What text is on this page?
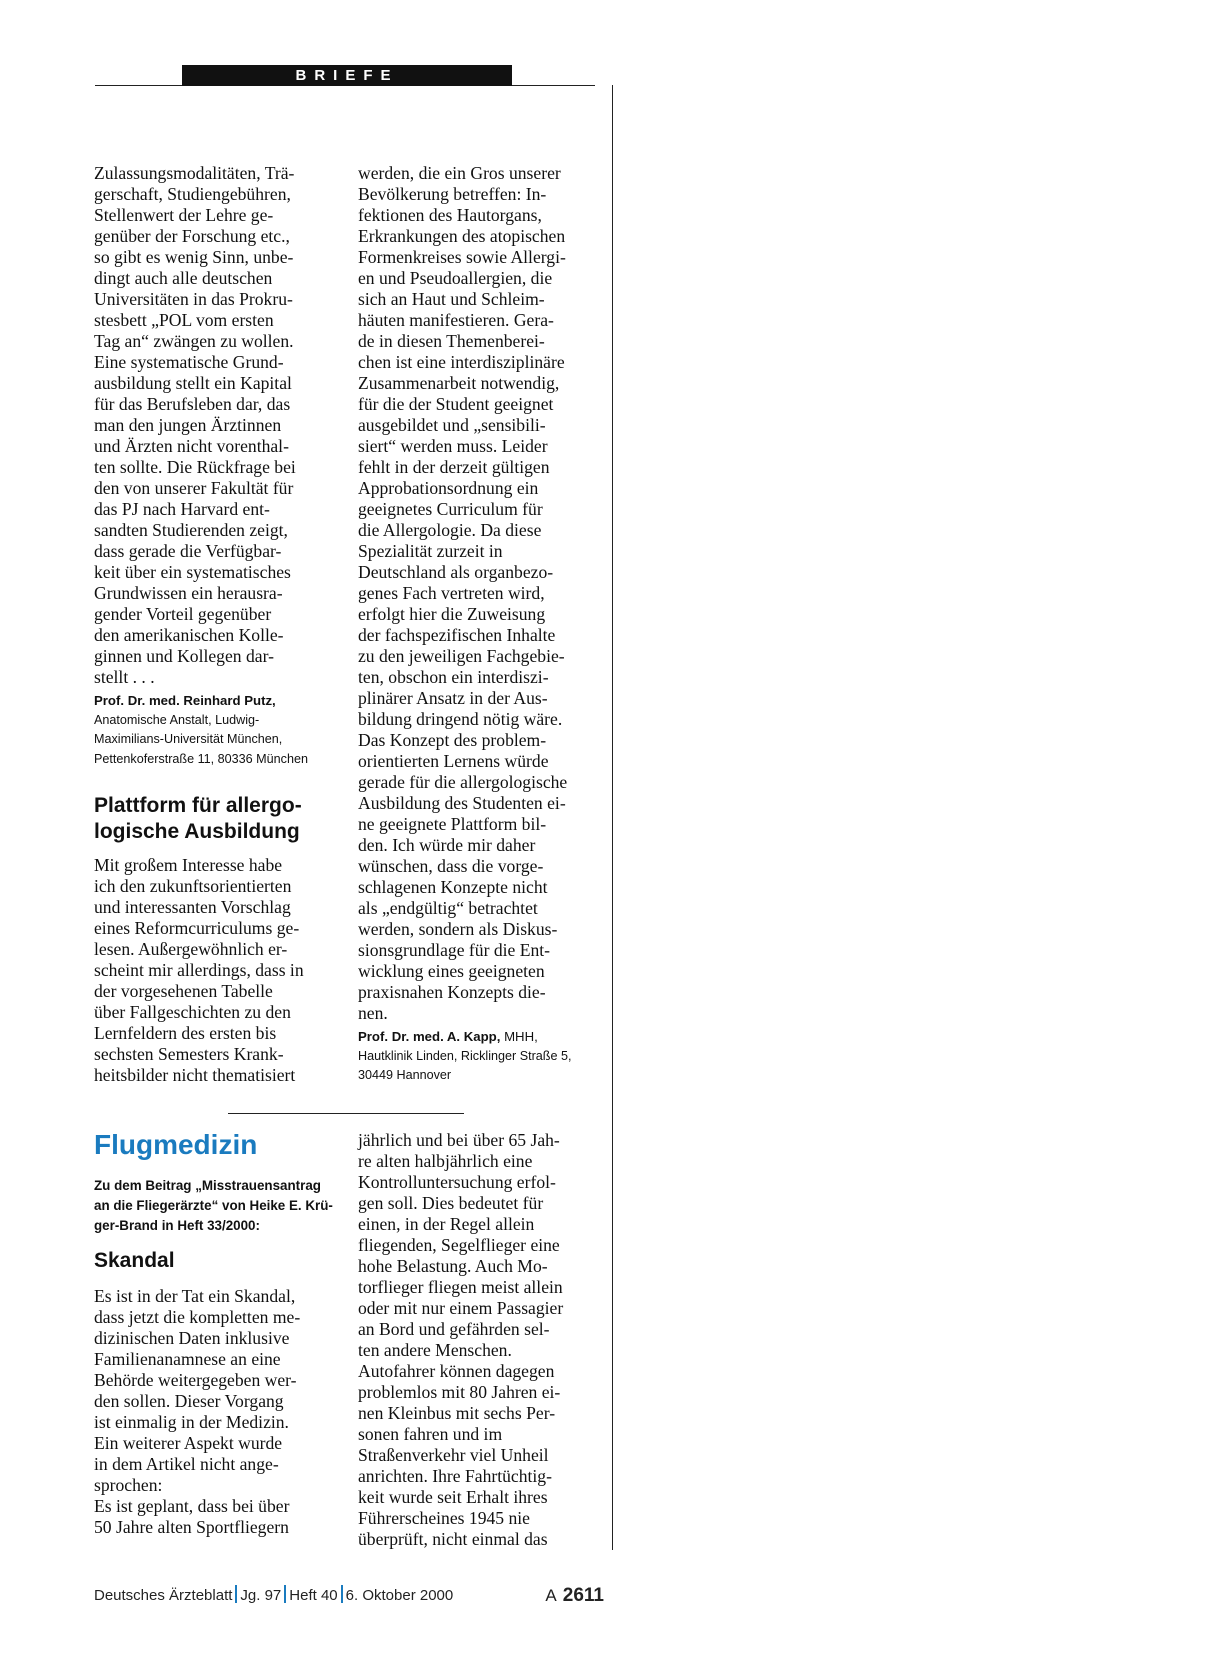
BRIEFE

Zulassungsmodalitäten, Trä-
gerschaft, Studiengebühren,
Stellenwert der Lehre ge-
genüber der Forschung etc.,
so gibt es wenig Sinn, unbe-
dingt auch alle deutschen
Universitäten in das Prokru-
stesbett „POL vom ersten
Tag an“ zwängen zu wollen.
Eine systematische Grund-
ausbildung stellt ein Kapital
für das Berufsleben dar, das
man den jungen Ärztinnen
und Ärzten nicht vorenthal-
ten sollte. Die Rückfrage bei
den von unserer Fakultät für
das PJ nach Harvard ent-
sandten Studierenden zeigt,
dass gerade die Verfügbar-
keit über ein systematisches
Grundwissen ein herausra-
gender Vorteil gegenüber
den amerikanischen Kolle-
ginnen und Kollegen dar-
stellt . . .

Prof. Dr. med. Reinhard Putz,
Anatomische Anstalt, Ludwig-
Maximilians-Universität München,
Pettenkoferstraße 11, 80336 München
Plattform für allergo-
logische Ausbildung

Mit großem Interesse habe
ich den zukunftsorientierten
und interessanten Vorschlag
eines Reformcurriculums ge-
lesen. Außergewöhnlich er-
scheint mir allerdings, dass in
der vorgesehenen Tabelle
über Fallgeschichten zu den
Lernfeldern des ersten bis
sechsten Semesters Krank-
heitsbilder nicht thematisiert

werden, die ein Gros unserer
Bevölkerung betreffen: In-
fektionen des Hautorgans,
Erkrankungen des atopischen
Formenkreises sowie Allergi-
en und Pseudoallergien, die
sich an Haut und Schleim-
häuten manifestieren. Gera-
de in diesen Themenberei-
chen ist eine interdisziplinäre
Zusammenarbeit notwendig,
für die der Student geeignet
ausgebildet und „sensibili-
siert“ werden muss. Leider
fehlt in der derzeit gültigen
Approbationsordnung ein
geeignetes Curriculum für
die Allergologie. Da diese
Spezialität zurzeit in
Deutschland als organbezo-
genes Fach vertreten wird,
erfolgt hier die Zuweisung
der fachspezifischen Inhalte
zu den jeweiligen Fachgebie-
ten, obschon ein interdiszi-
plinärer Ansatz in der Aus-
bildung dringend nötig wäre.
Das Konzept des problem-
orientierten Lernens würde
gerade für die allergologische
Ausbildung des Studenten ei-
ne geeignete Plattform bil-
den. Ich würde mir daher
wünschen, dass die vorge-
schlagenen Konzepte nicht
als „endgültig“ betrachtet
werden, sondern als Diskus-
sionsgrundlage für die Ent-
wicklung eines geeigneten
praxisnahen Konzepts die-
nen.

Prof. Dr. med. A. Kapp, MHH,
Hautklinik Linden, Ricklinger Straße 5,
30449 Hannover
Flugmedizin
Zu dem Beitrag „Misstrauensantrag
an die Fliegerärzte“ von Heike E. Krü-
ger-Brand in Heft 33/2000:
Skandal

Es ist in der Tat ein Skandal,
dass jetzt die kompletten me-
dizinischen Daten inklusive
Familienanamnese an eine
Behörde weitergegeben wer-
den sollen. Dieser Vorgang
ist einmalig in der Medizin.
Ein weiterer Aspekt wurde
in dem Artikel nicht ange-
sprochen:
Es ist geplant, dass bei über
50 Jahre alten Sportfliegern

jährlich und bei über 65 Jah-
re alten halbjährlich eine
Kontrolluntersuchung erfol-
gen soll. Dies bedeutet für
einen, in der Regel allein
fliegenden, Segelflieger eine
hohe Belastung. Auch Mo-
torflieger fliegen meist allein
oder mit nur einem Passagier
an Bord und gefährden sel-
ten andere Menschen.
Autofahrer können dagegen
problemlos mit 80 Jahren ei-
nen Kleinbus mit sechs Per-
sonen fahren und im
Straßenverkehr viel Unheil
anrichten. Ihre Fahrtüchtig-
keit wurde seit Erhalt ihres
Führerscheines 1945 nie
überprüft, nicht einmal das

Deutsches Ärzteblatt Jg. 97 Heft 40 6. Oktober 2000	A 2611
